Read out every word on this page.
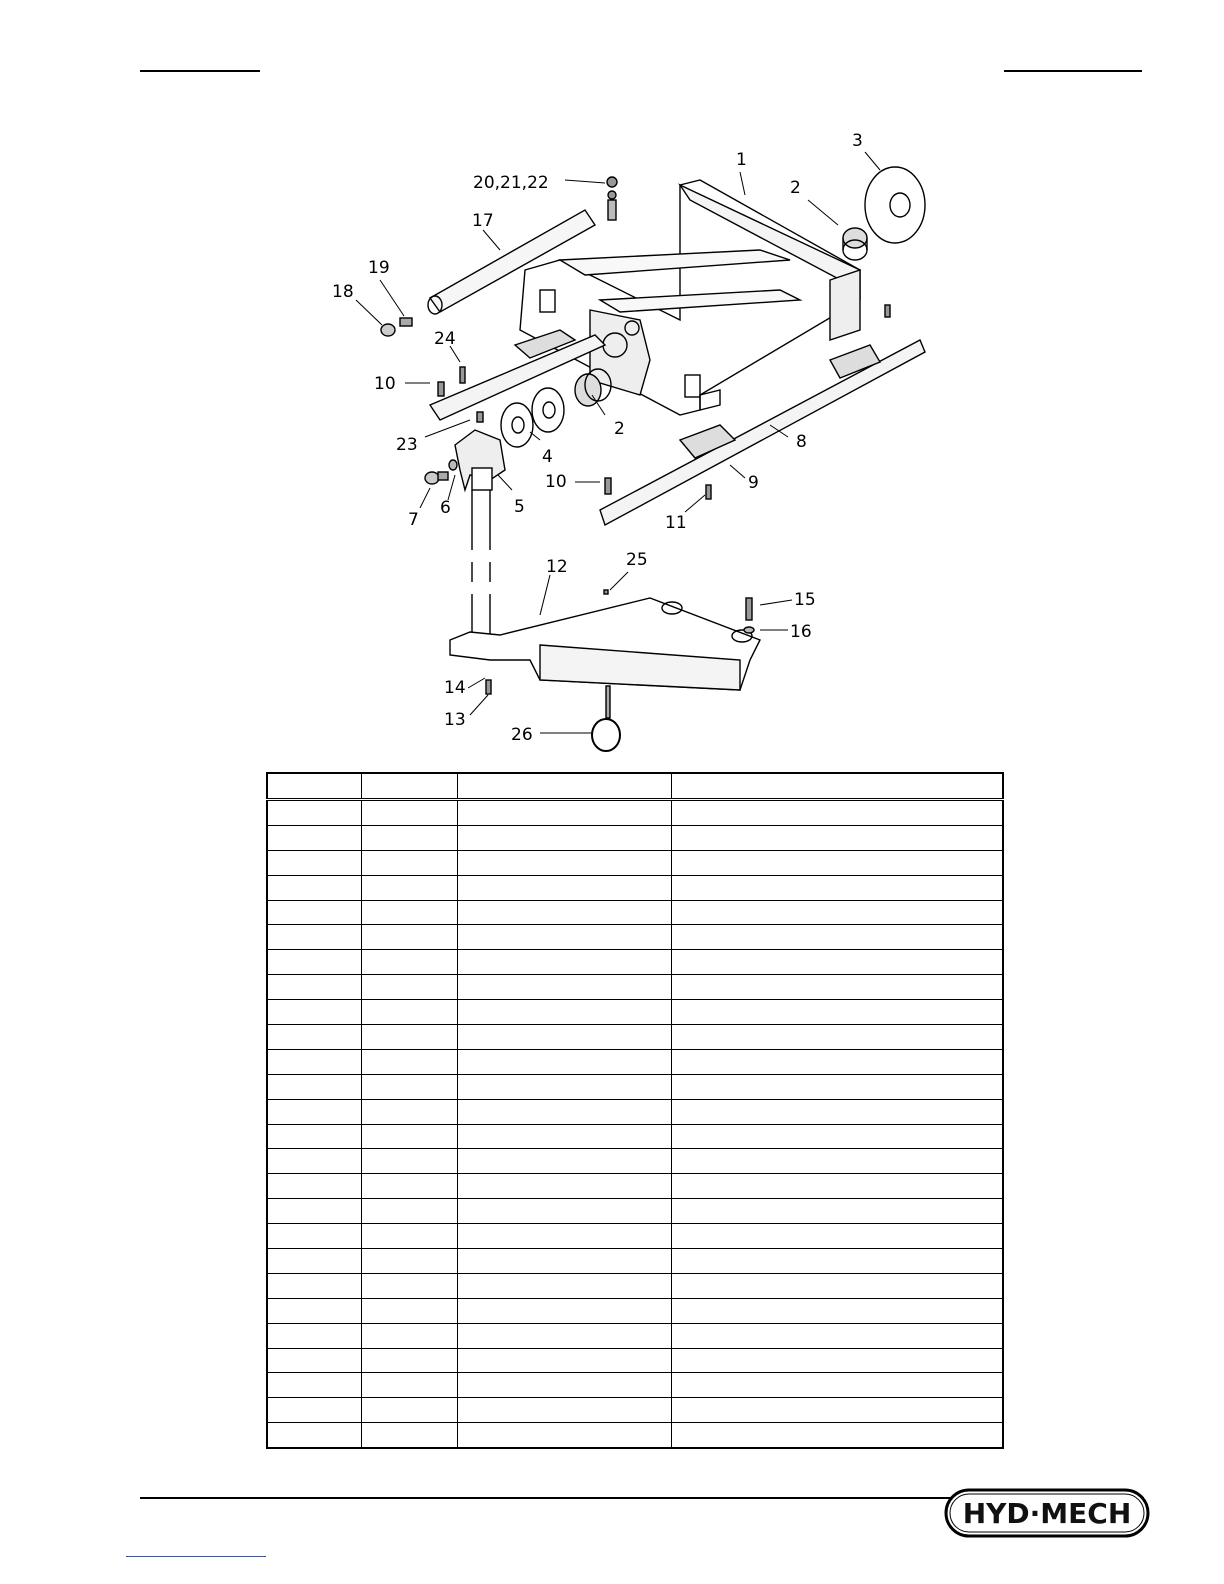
1
2
3
2
4
5
6
7
8
9
10
10
11
12
13
14
15
16
17
18
19
20,21,22
23
24
25
26

HYD·MECH
